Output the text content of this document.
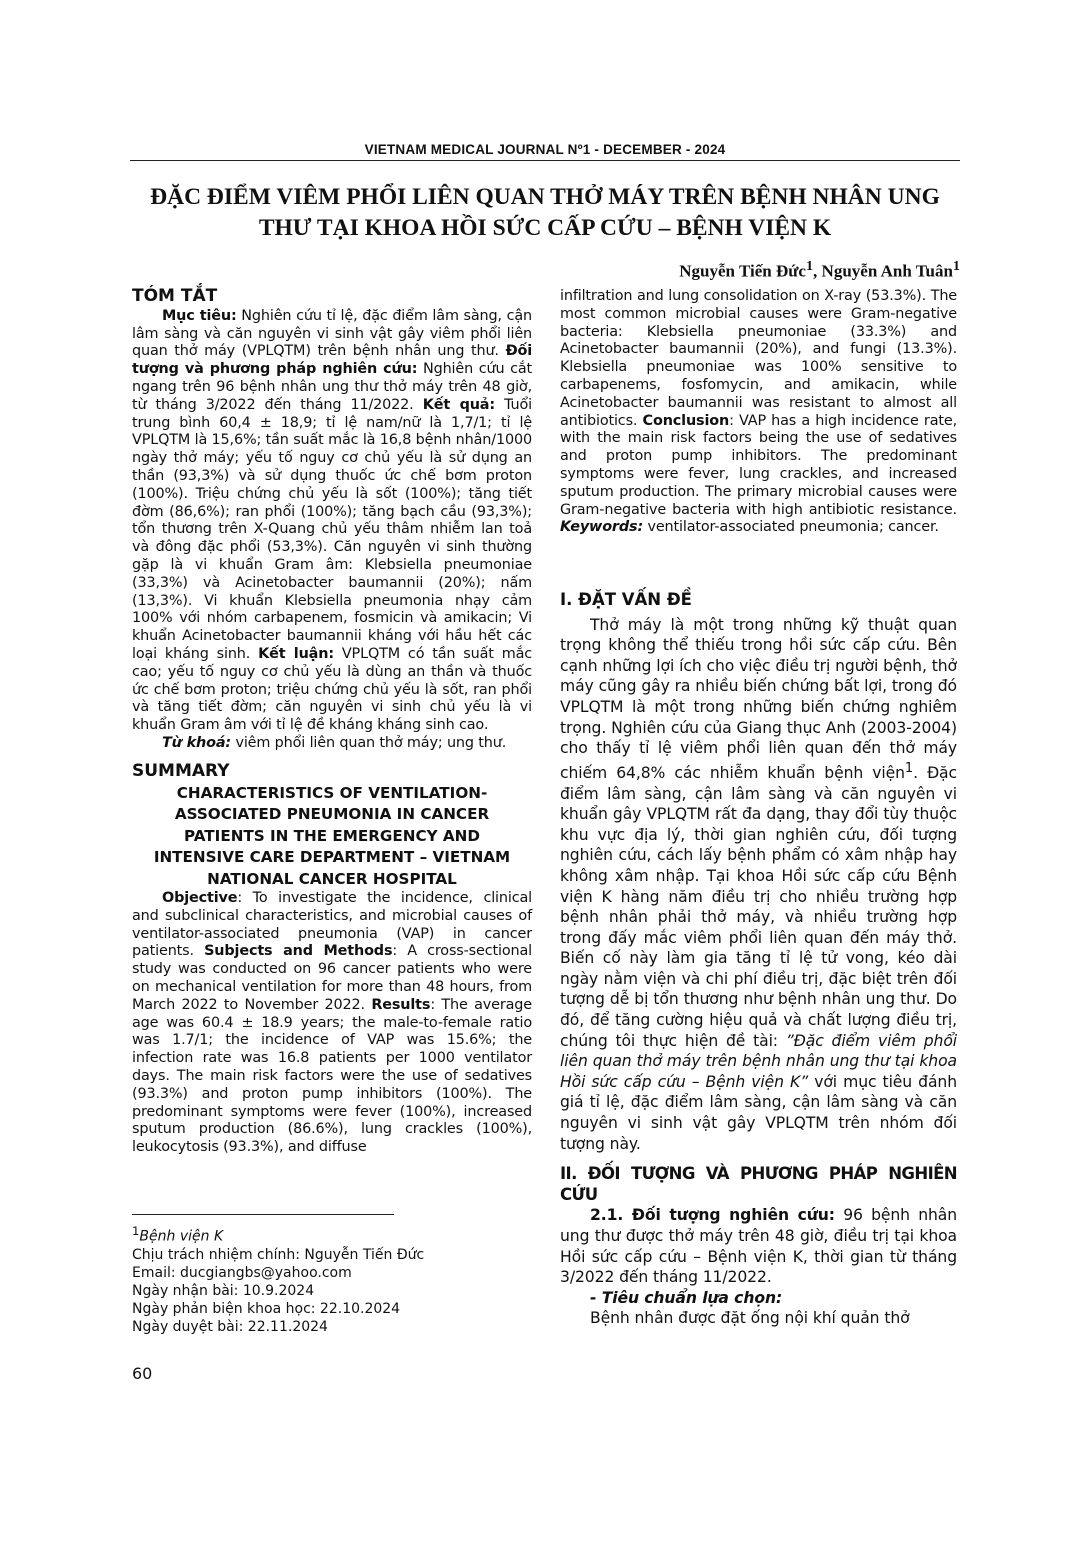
VIETNAM MEDICAL JOURNAL Nº1 - DECEMBER - 2024
ĐẶC ĐIỂM VIÊM PHỔI LIÊN QUAN THỞ MÁY TRÊN BỆNH NHÂN UNG THƯ TẠI KHOA HỒI SỨC CẤP CỨU – BỆNH VIỆN K
Nguyễn Tiến Đức$^1$, Nguyễn Anh Tuân$^1$
TÓM TẮT

Mục tiêu: Nghiên cứu tỉ lệ, đặc điểm lâm sàng, cận lâm sàng và căn nguyên vi sinh vật gây viêm phổi liên quan thở máy (VPLQTM) trên bệnh nhân ung thư. Đối tượng và phương pháp nghiên cứu: Nghiên cứu cắt ngang trên 96 bệnh nhân ung thư thở máy trên 48 giờ, từ tháng 3/2022 đến tháng 11/2022. Kết quả: Tuổi trung bình 60,4 ± 18,9; tỉ lệ nam/nữ là 1,7/1; tỉ lệ VPLQTM là 15,6%; tần suất mắc là 16,8 bệnh nhân/1000 ngày thở máy; yếu tố nguy cơ chủ yếu là sử dụng an thần (93,3%) và sử dụng thuốc ức chế bơm proton (100%). Triệu chứng chủ yếu là sốt (100%); tăng tiết đờm (86,6%); ran phổi (100%); tăng bạch cầu (93,3%); tổn thương trên X-Quang chủ yếu thâm nhiễm lan toả và đông đặc phổi (53,3%). Căn nguyên vi sinh thường gặp là vi khuẩn Gram âm: Klebsiella pneumoniae (33,3%) và Acinetobacter baumannii (20%); nấm (13,3%). Vi khuẩn Klebsiella pneumonia nhạy cảm 100% với nhóm carbapenem, fosmicin và amikacin; Vi khuẩn Acinetobacter baumannii kháng với hầu hết các loại kháng sinh. Kết luận: VPLQTM có tần suất mắc cao; yếu tố nguy cơ chủ yếu là dùng an thần và thuốc ức chế bơm proton; triệu chứng chủ yếu là sốt, ran phổi và tăng tiết đờm; căn nguyên vi sinh chủ yếu là vi khuẩn Gram âm với tỉ lệ đề kháng kháng sinh cao.

Từ khoá: viêm phổi liên quan thở máy; ung thư.

SUMMARY
CHARACTERISTICS OF VENTILATION-ASSOCIATED PNEUMONIA IN CANCER PATIENTS IN THE EMERGENCY AND INTENSIVE CARE DEPARTMENT – VIETNAM NATIONAL CANCER HOSPITAL

Objective: To investigate the incidence, clinical and subclinical characteristics, and microbial causes of ventilator-associated pneumonia (VAP) in cancer patients. Subjects and Methods: A cross-sectional study was conducted on 96 cancer patients who were on mechanical ventilation for more than 48 hours, from March 2022 to November 2022. Results: The average age was 60.4 ± 18.9 years; the male-to-female ratio was 1.7/1; the incidence of VAP was 15.6%; the infection rate was 16.8 patients per 1000 ventilator days. The main risk factors were the use of sedatives (93.3%) and proton pump inhibitors (100%). The predominant symptoms were fever (100%), increased sputum production (86.6%), lung crackles (100%), leukocytosis (93.3%), and diffuse

infiltration and lung consolidation on X-ray (53.3%). The most common microbial causes were Gram-negative bacteria: Klebsiella pneumoniae (33.3%) and Acinetobacter baumannii (20%), and fungi (13.3%). Klebsiella pneumoniae was 100% sensitive to carbapenems, fosfomycin, and amikacin, while Acinetobacter baumannii was resistant to almost all antibiotics. Conclusion: VAP has a high incidence rate, with the main risk factors being the use of sedatives and proton pump inhibitors. The predominant symptoms were fever, lung crackles, and increased sputum production. The primary microbial causes were Gram-negative bacteria with high antibiotic resistance. Keywords: ventilator-associated pneumonia; cancer.

I. ĐẶT VẤN ĐỀ

Thở máy là một trong những kỹ thuật quan trọng không thể thiếu trong hồi sức cấp cứu. Bên cạnh những lợi ích cho việc điều trị người bệnh, thở máy cũng gây ra nhiều biến chứng bất lợi, trong đó VPLQTM là một trong những biến chứng nghiêm trọng. Nghiên cứu của Giang thục Anh (2003-2004) cho thấy tỉ lệ viêm phổi liên quan đến thở máy chiếm 64,8% các nhiễm khuẩn bệnh viện$^1$. Đặc điểm lâm sàng, cận lâm sàng và căn nguyên vi khuẩn gây VPLQTM rất đa dạng, thay đổi tùy thuộc khu vực địa lý, thời gian nghiên cứu, đối tượng nghiên cứu, cách lấy bệnh phẩm có xâm nhập hay không xâm nhập. Tại khoa Hồi sức cấp cứu Bệnh viện K hàng năm điều trị cho nhiều trường hợp bệnh nhân phải thở máy, và nhiều trường hợp trong đấy mắc viêm phổi liên quan đến máy thở. Biến cố này làm gia tăng tỉ lệ tử vong, kéo dài ngày nằm viện và chi phí điều trị, đặc biệt trên đối tượng dễ bị tổn thương như bệnh nhân ung thư. Do đó, để tăng cường hiệu quả và chất lượng điều trị, chúng tôi thực hiện đề tài: ”Đặc điểm viêm phổi liên quan thở máy trên bệnh nhân ung thư tại khoa Hồi sức cấp cứu – Bệnh viện K” với mục tiêu đánh giá tỉ lệ, đặc điểm lâm sàng, cận lâm sàng và căn nguyên vi sinh vật gây VPLQTM trên nhóm đối tượng này.

II. ĐỐI TƯỢNG VÀ PHƯƠNG PHÁP NGHIÊN CỨU

2.1. Đối tượng nghiên cứu: 96 bệnh nhân ung thư được thở máy trên 48 giờ, điều trị tại khoa Hồi sức cấp cứu – Bệnh viện K, thời gian từ tháng 3/2022 đến tháng 11/2022.

- Tiêu chuẩn lựa chọn:

Bệnh nhân được đặt ống nội khí quản thở

$^1$Bệnh viện K
Chịu trách nhiệm chính: Nguyễn Tiến Đức
Email: ducgiangbs@yahoo.com
Ngày nhận bài: 10.9.2024
Ngày phản biện khoa học: 22.10.2024
Ngày duyệt bài: 22.11.2024
60
